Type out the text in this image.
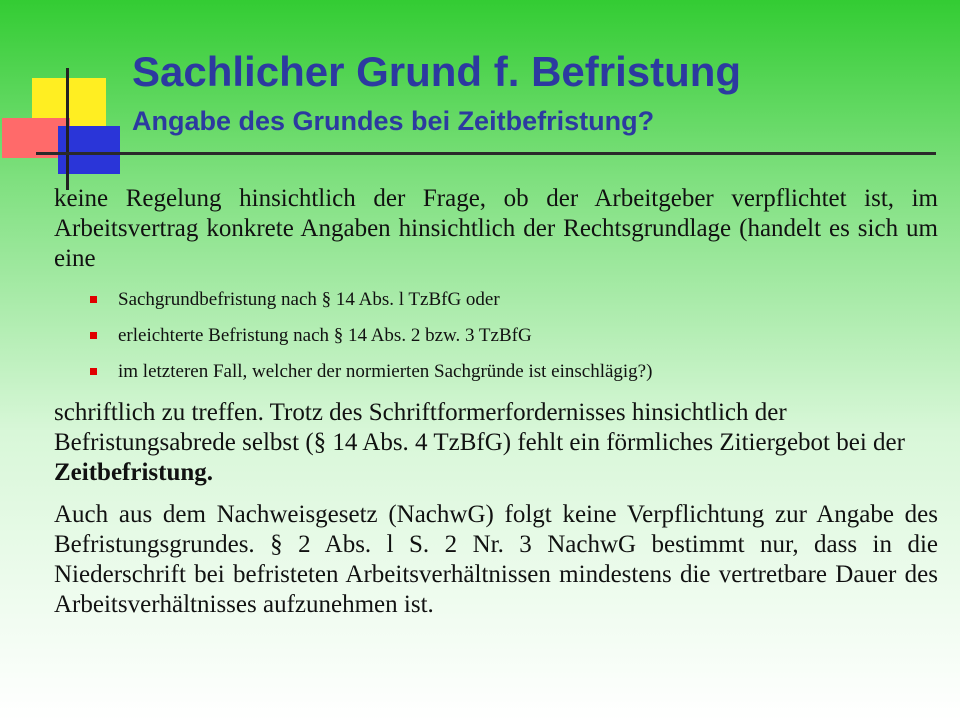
Sachlicher Grund f. Befristung
Angabe des Grundes bei Zeitbefristung?

keine Regelung hinsichtlich der Frage, ob der Arbeitgeber verpflichtet ist, im Arbeitsvertrag konkrete Angaben hinsichtlich der Rechtsgrundlage (handelt es sich um eine

Sachgrundbefristung nach § 14 Abs. l TzBfG oder
erleichterte Befristung nach § 14 Abs. 2 bzw. 3 TzBfG
im letzteren Fall, welcher der normierten Sachgründe ist einschlägig?)

schriftlich zu treffen. Trotz des Schriftformerfordernisses hinsichtlich der Befristungsabrede selbst (§ 14 Abs. 4 TzBfG) fehlt ein förmliches Zitiergebot bei der Zeitbefristung.

Auch aus dem Nachweisgesetz (NachwG) folgt keine Verpflichtung zur Angabe des Befristungsgrundes. § 2 Abs. l S. 2 Nr. 3 NachwG bestimmt nur, dass in die Niederschrift bei befristeten Arbeitsverhältnissen mindestens die vertretbare Dauer des Arbeitsverhältnisses aufzunehmen ist.
